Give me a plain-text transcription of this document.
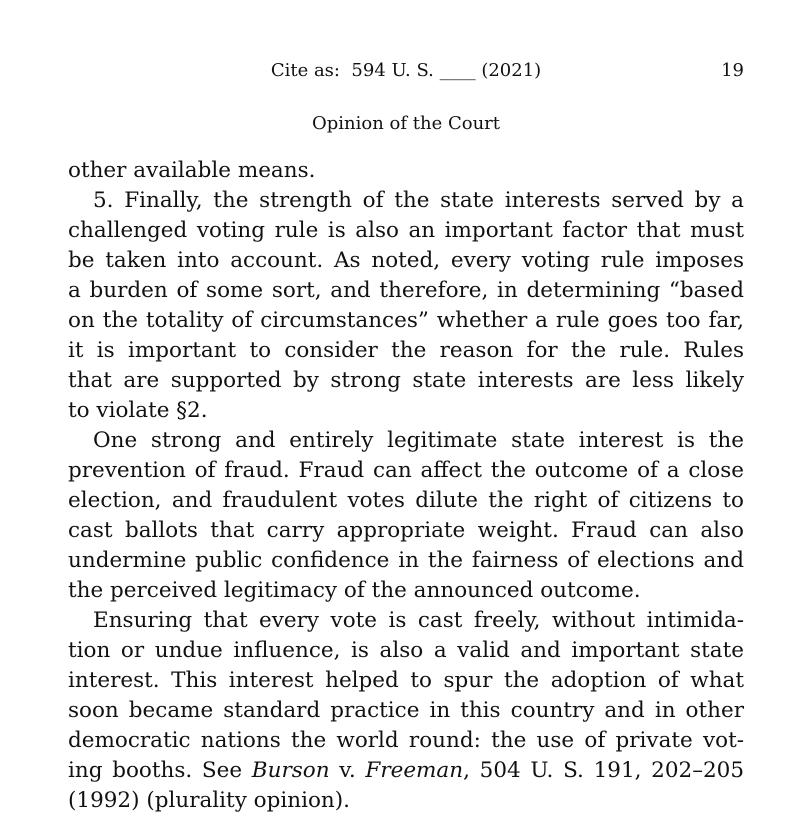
Cite as:  594 U. S. ____ (2021)	19
Opinion of the Court
other available means.
5. Finally, the strength of the state interests served by a
challenged voting rule is also an important factor that must
be taken into account. As noted, every voting rule imposes
a burden of some sort, and therefore, in determining “based
on the totality of circumstances” whether a rule goes too far,
it is important to consider the reason for the rule. Rules
that are supported by strong state interests are less likely
to violate §2.
One strong and entirely legitimate state interest is the
prevention of fraud. Fraud can affect the outcome of a close
election, and fraudulent votes dilute the right of citizens to
cast ballots that carry appropriate weight. Fraud can also
undermine public confidence in the fairness of elections and
the perceived legitimacy of the announced outcome.
Ensuring that every vote is cast freely, without intimida-
tion or undue influence, is also a valid and important state
interest. This interest helped to spur the adoption of what
soon became standard practice in this country and in other
democratic nations the world round: the use of private vot-
ing booths. See Burson v. Freeman, 504 U. S. 191, 202–205
(1992) (plurality opinion).
